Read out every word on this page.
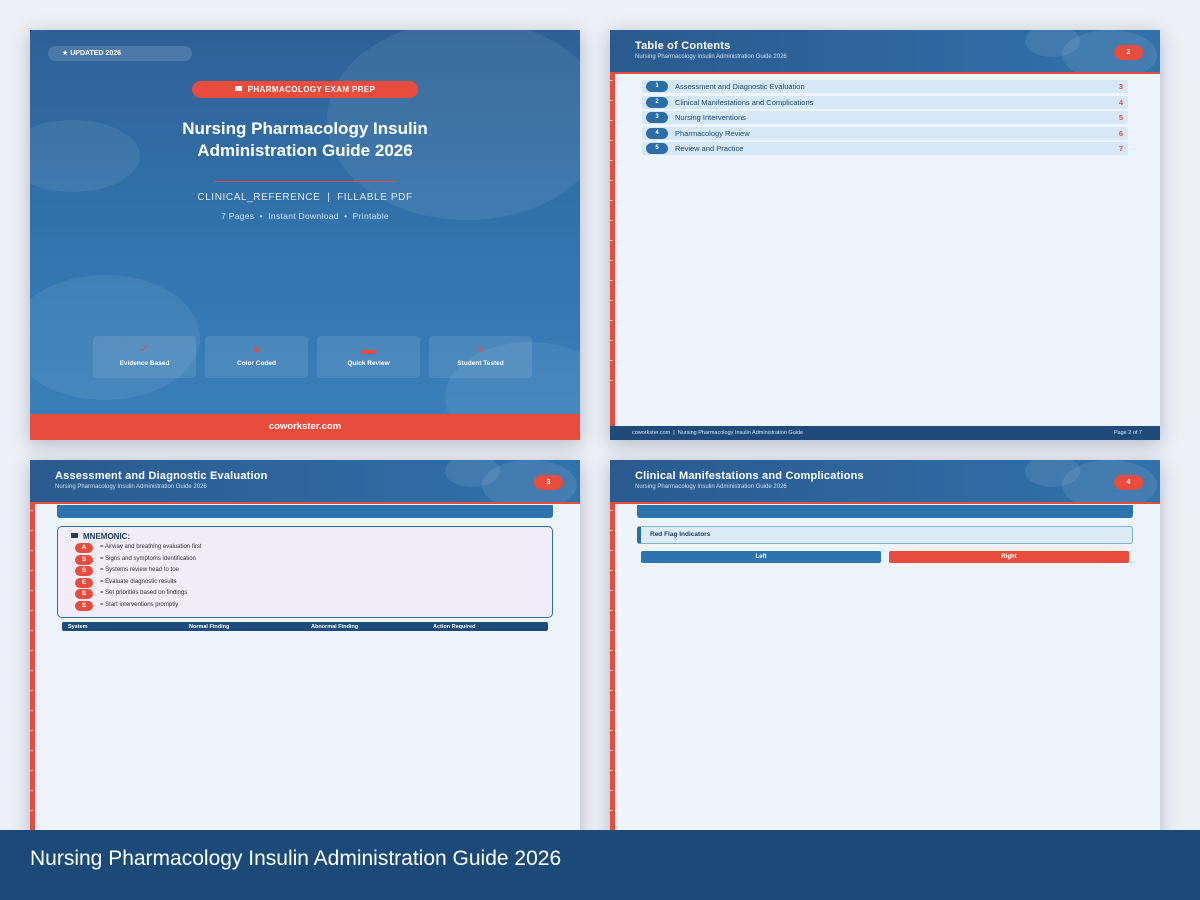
★ UPDATED 2026
PHARMACOLOGY EXAM PREP
Nursing Pharmacology Insulin
Administration Guide 2026
CLINICAL_REFERENCE  |  FILLABLE PDF
7 Pages  •  Instant Download  •  Printable
✓
Evidence Based
◆
Color Coded
▬
Quick Review
♥
Student Tested
coworkster.com
Table of Contents
Nursing Pharmacology Insulin Administration Guide 2026
2
1	Assessment and Diagnostic Evaluation	3
2	Clinical Manifestations and Complications	4
3	Nursing Interventions	5
4	Pharmacology Review	6
5	Review and Practice	7
coworkster.com  |  Nursing Pharmacology Insulin Administration Guide	Page 2 of 7
Assessment and Diagnostic Evaluation
Nursing Pharmacology Insulin Administration Guide 2026
3
MNEMONIC:
A	= Airway and breathing evaluation first
S	= Signs and symptoms identification
S	= Systems review head to toe
E	= Evaluate diagnostic results
S	= Set priorities based on findings
S	= Start interventions promptly
System	Normal Finding	Abnormal Finding	Action Required
Clinical Manifestations and Complications
Nursing Pharmacology Insulin Administration Guide 2026
4
Red Flag Indicators
Left	Right
Nursing Pharmacology Insulin Administration Guide 2026
